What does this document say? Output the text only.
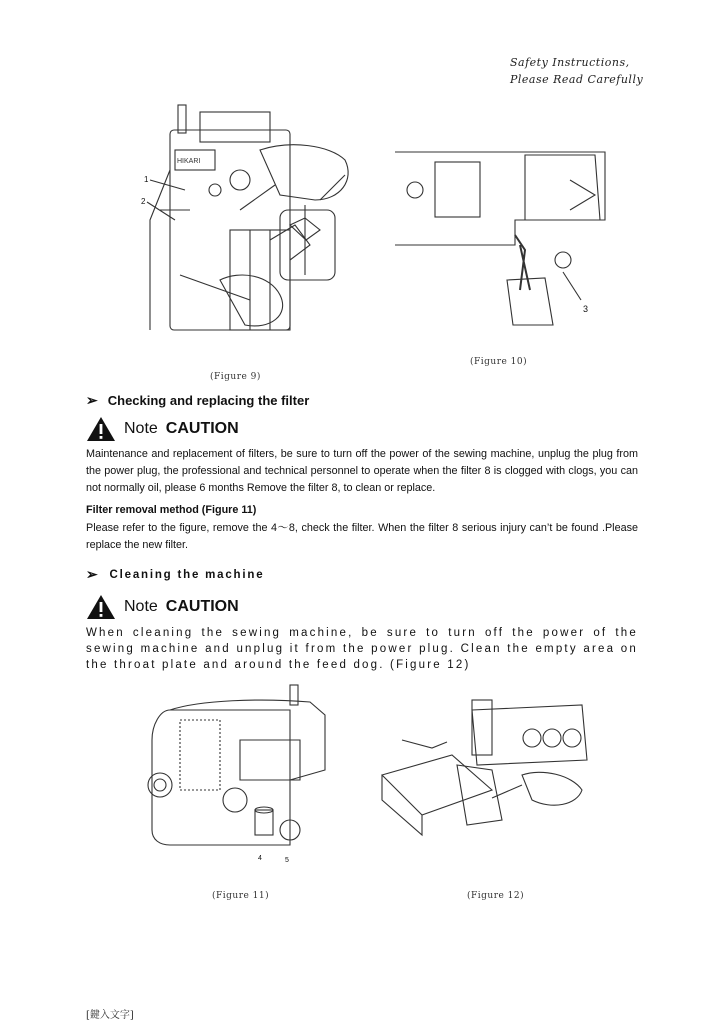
Safety Instructions,
Please Read Carefully
HIKARI
1
2
(Figure 9)
3
(Figure 10)
➢ Checking and replacing the filter
Note CAUTION
Maintenance and replacement of filters, be sure to turn off the power of the sewing machine, unplug the plug from the power plug, the professional and technical personnel to operate when the filter 8 is clogged with clogs, you can not normally oil, please 6 months Remove the filter 8, to clean or replace.
Filter removal method (Figure 11)
Please refer to the figure, remove the 4～8, check the filter. When the filter 8 serious injury can’t be found .Please replace the new filter.
➢ Cleaning the machine
Note CAUTION
When cleaning the sewing machine, be sure to turn off the power of the sewing machine and unplug it from the power plug. Clean the empty area on the throat plate and around the feed dog. (Figure 12)
4	5
(Figure 11)	(Figure 12)
[鍵入文字]
